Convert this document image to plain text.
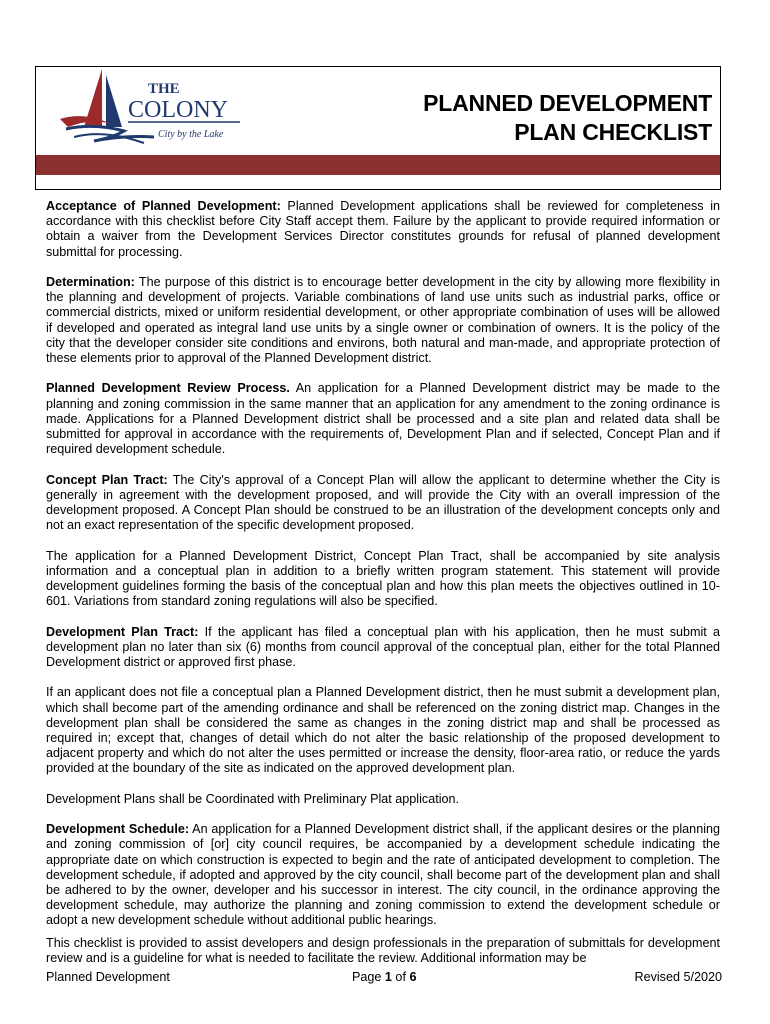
THE
COLONY
City by the Lake
PLANNED DEVELOPMENT
PLAN CHECKLIST

Acceptance of Planned Development: Planned Development applications shall be reviewed for completeness in accordance with this checklist before City Staff accept them. Failure by the applicant to provide required information or obtain a waiver from the Development Services Director constitutes grounds for refusal of planned development submittal for processing.

Determination: The purpose of this district is to encourage better development in the city by allowing more flexibility in the planning and development of projects. Variable combinations of land use units such as industrial parks, office or commercial districts, mixed or uniform residential development, or other appropriate combination of uses will be allowed if developed and operated as integral land use units by a single owner or combination of owners. It is the policy of the city that the developer consider site conditions and environs, both natural and man-made, and appropriate protection of these elements prior to approval of the Planned Development district.

Planned Development Review Process. An application for a Planned Development district may be made to the planning and zoning commission in the same manner that an application for any amendment to the zoning ordinance is made. Applications for a Planned Development district shall be processed and a site plan and related data shall be submitted for approval in accordance with the requirements of, Development Plan and if selected, Concept Plan and if required development schedule.

Concept Plan Tract: The City's approval of a Concept Plan will allow the applicant to determine whether the City is generally in agreement with the development proposed, and will provide the City with an overall impression of the development proposed. A Concept Plan should be construed to be an illustration of the development concepts only and not an exact representation of the specific development proposed.

The application for a Planned Development District, Concept Plan Tract, shall be accompanied by site analysis information and a conceptual plan in addition to a briefly written program statement. This statement will provide development guidelines forming the basis of the conceptual plan and how this plan meets the objectives outlined in 10-601. Variations from standard zoning regulations will also be specified.

Development Plan Tract: If the applicant has filed a conceptual plan with his application, then he must submit a development plan no later than six (6) months from council approval of the conceptual plan, either for the total Planned Development district or approved first phase.

If an applicant does not file a conceptual plan a Planned Development district, then he must submit a development plan, which shall become part of the amending ordinance and shall be referenced on the zoning district map. Changes in the development plan shall be considered the same as changes in the zoning district map and shall be processed as required in; except that, changes of detail which do not alter the basic relationship of the proposed development to adjacent property and which do not alter the uses permitted or increase the density, floor-area ratio, or reduce the yards provided at the boundary of the site as indicated on the approved development plan.

Development Plans shall be Coordinated with Preliminary Plat application.

Development Schedule: An application for a Planned Development district shall, if the applicant desires or the planning and zoning commission of [or] city council requires, be accompanied by a development schedule indicating the appropriate date on which construction is expected to begin and the rate of anticipated development to completion. The development schedule, if adopted and approved by the city council, shall become part of the development plan and shall be adhered to by the owner, developer and his successor in interest. The city council, in the ordinance approving the development schedule, may authorize the planning and zoning commission to extend the development schedule or adopt a new development schedule without additional public hearings.

This checklist is provided to assist developers and design professionals in the preparation of submittals for development review and is a guideline for what is needed to facilitate the review. Additional information may be

Planned Development	Page 1 of 6	Revised 5/2020
